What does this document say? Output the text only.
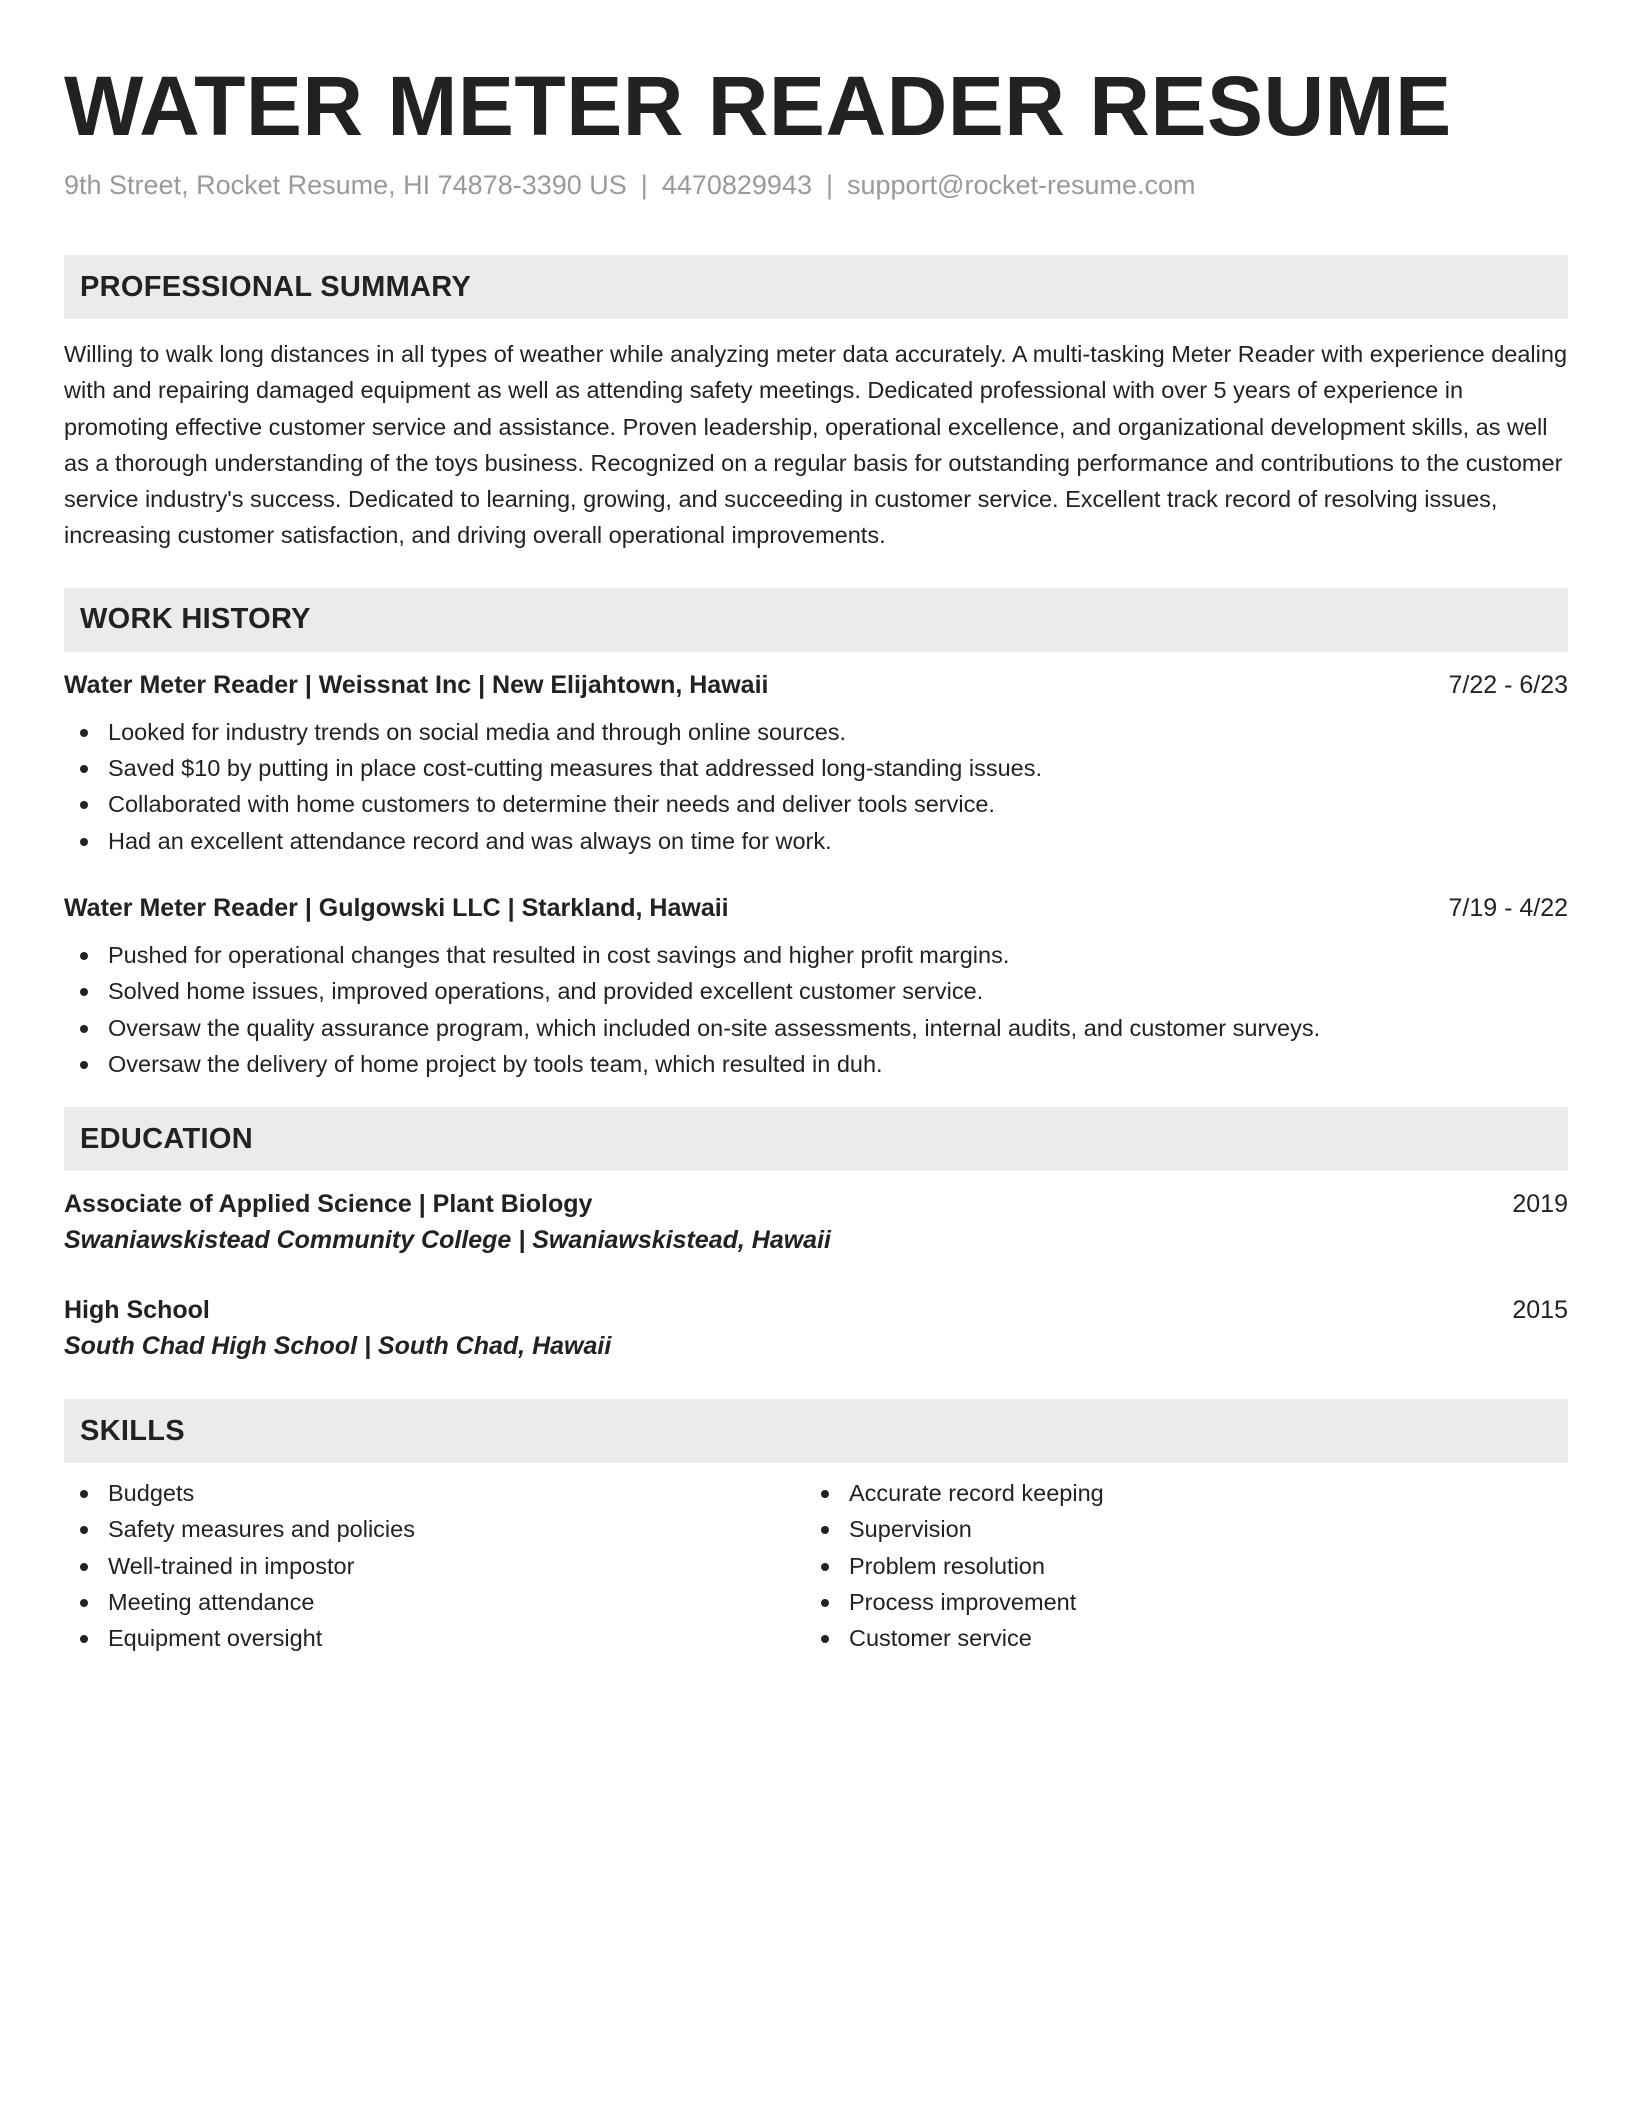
WATER METER READER RESUME
9th Street, Rocket Resume, HI 74878-3390 US | 4470829943 | support@rocket-resume.com
PROFESSIONAL SUMMARY
Willing to walk long distances in all types of weather while analyzing meter data accurately. A multi-tasking Meter Reader with experience dealing with and repairing damaged equipment as well as attending safety meetings. Dedicated professional with over 5 years of experience in promoting effective customer service and assistance. Proven leadership, operational excellence, and organizational development skills, as well as a thorough understanding of the toys business. Recognized on a regular basis for outstanding performance and contributions to the customer service industry's success. Dedicated to learning, growing, and succeeding in customer service. Excellent track record of resolving issues, increasing customer satisfaction, and driving overall operational improvements.
WORK HISTORY
Water Meter Reader | Weissnat Inc | New Elijahtown, Hawaii	7/22 - 6/23
Looked for industry trends on social media and through online sources.
Saved $10 by putting in place cost-cutting measures that addressed long-standing issues.
Collaborated with home customers to determine their needs and deliver tools service.
Had an excellent attendance record and was always on time for work.
Water Meter Reader | Gulgowski LLC | Starkland, Hawaii	7/19 - 4/22
Pushed for operational changes that resulted in cost savings and higher profit margins.
Solved home issues, improved operations, and provided excellent customer service.
Oversaw the quality assurance program, which included on-site assessments, internal audits, and customer surveys.
Oversaw the delivery of home project by tools team, which resulted in duh.
EDUCATION
Associate of Applied Science | Plant Biology	2019
Swaniawskistead Community College | Swaniawskistead, Hawaii
High School	2015
South Chad High School | South Chad, Hawaii
SKILLS
Budgets
Safety measures and policies
Well-trained in impostor
Meeting attendance
Equipment oversight
Accurate record keeping
Supervision
Problem resolution
Process improvement
Customer service
